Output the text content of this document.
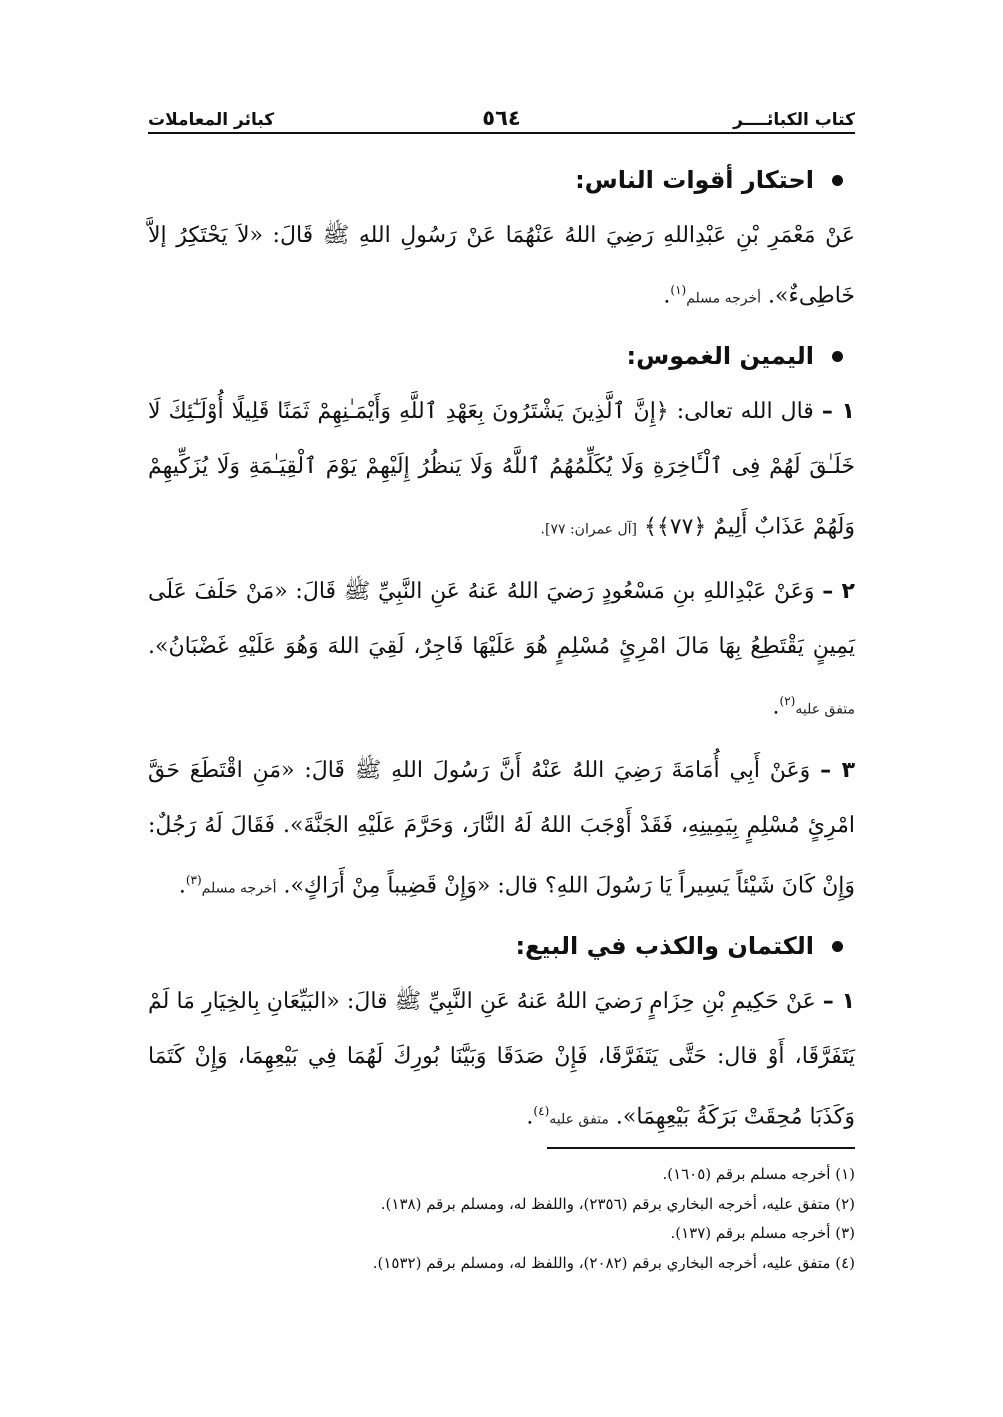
كتاب الكبائــــر
٥٦٤
كبائر المعاملات
احتكار أقوات الناس:

عَنْ مَعْمَرِ بْنِ عَبْدِاللهِ رَضِيَ اللهُ عَنْهُمَا عَنْ رَسُولِ اللهِ ﷺ قَالَ: «لاَ يَحْتَكِرُ إلاَّ خَاطِىءٌ». أخرجه مسلم$^{(١)}$.

اليمين الغموس:

١ – قال الله تعالى: ﴿إِنَّ ٱلَّذِينَ يَشْتَرُونَ بِعَهْدِ ٱللَّهِ وَأَيْمَـٰنِهِمْ ثَمَنًا قَلِيلًا أُوْلَـٰٓئِكَ لَا خَلَـٰقَ لَهُمْ فِى ٱلْـَٔاخِرَةِ وَلَا يُكَلِّمُهُمُ ٱللَّهُ وَلَا يَنظُرُ إِلَيْهِمْ يَوْمَ ٱلْقِيَـٰمَةِ وَلَا يُزَكِّيهِمْ وَلَهُمْ عَذَابٌ أَلِيمٌ ﴿٧٧﴾﴾ [آل عمران: ٧٧].

٢ – وَعَنْ عَبْدِاللهِ بنِ مَسْعُودٍ رَضيَ اللهُ عَنهُ عَنِ النَّبِيِّ ﷺ قَالَ: «مَنْ حَلَفَ عَلَى يَمِينٍ يَقْتَطِعُ بِهَا مَالَ امْرِئٍ مُسْلِمٍ هُوَ عَلَيْهَا فَاجِرٌ، لَقِيَ اللهَ وَهُوَ عَلَيْهِ غَضْبَانُ». متفق عليه$^{(٢)}$.

٣ – وَعَنْ أَبِي أُمَامَةَ رَضِيَ اللهُ عَنْهُ أَنَّ رَسُولَ اللهِ ﷺ قَالَ: «مَنِ اقْتَطَعَ حَقَّ امْرِئٍ مُسْلِمٍ بِيَمِينِهِ، فَقَدْ أَوْجَبَ اللهُ لَهُ النَّارَ، وَحَرَّمَ عَلَيْهِ الجَنَّةَ». فَقَالَ لَهُ رَجُلٌ: وَإِنْ كَانَ شَيْئاً يَسِيراً يَا رَسُولَ اللهِ؟ قال: «وَإِنْ قَضِيباً مِنْ أَرَاكٍ». أخرجه مسلم$^{(٣)}$.

الكتمان والكذب في البيع:

١ – عَنْ حَكِيمِ بْنِ حِزَامٍ رَضيَ اللهُ عَنهُ عَنِ النَّبِيِّ ﷺ قالَ: «البَيِّعَانِ بِالخِيَارِ مَا لَمْ يَتَفَرَّقَا، أَوْ قال: حَتَّى يَتَفَرَّقَا، فَإِنْ صَدَقَا وَبَيَّنَا بُورِكَ لَهُمَا فِي بَيْعِهِمَا، وَإِنْ كَتَمَا وَكَذَبَا مُحِقَتْ بَرَكَةُ بَيْعِهِمَا». متفق عليه$^{(٤)}$.

(١) أخرجه مسلم برقم (١٦٠٥).

(٢) متفق عليه، أخرجه البخاري برقم (٢٣٥٦)، واللفظ له، ومسلم برقم (١٣٨).

(٣) أخرجه مسلم برقم (١٣٧).

(٤) متفق عليه، أخرجه البخاري برقم (٢٠٨٢)، واللفظ له، ومسلم برقم (١٥٣٢).
